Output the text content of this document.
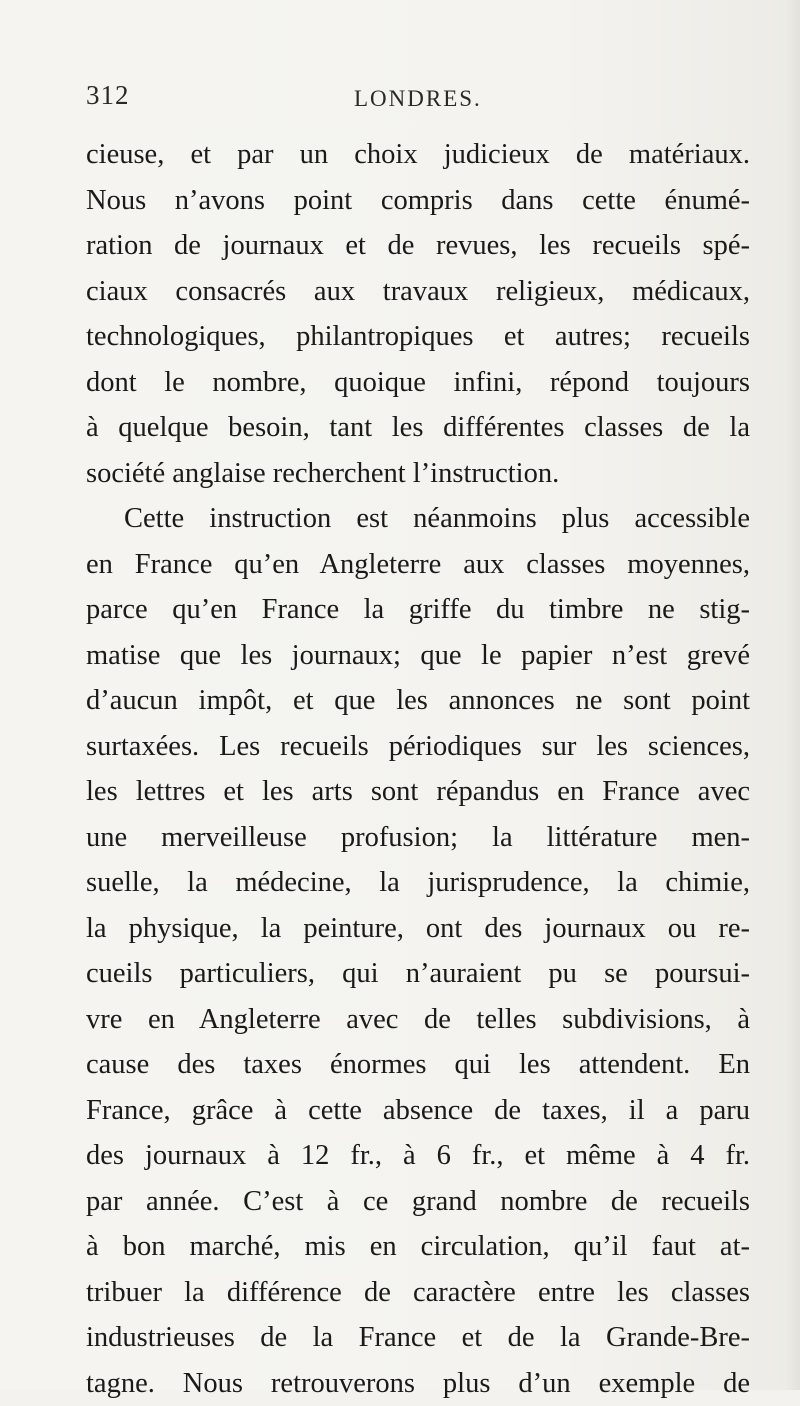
312	LONDRES.
cieuse, et par un choix judicieux de matériaux.
Nous n’avons point compris dans cette énumé-
ration de journaux et de revues, les recueils spé-
ciaux consacrés aux travaux religieux, médicaux,
technologiques, philantropiques et autres; recueils
dont le nombre, quoique infini, répond toujours
à quelque besoin, tant les différentes classes de la
société anglaise recherchent l’instruction.
Cette instruction est néanmoins plus accessible
en France qu’en Angleterre aux classes moyennes,
parce qu’en France la griffe du timbre ne stig-
matise que les journaux; que le papier n’est grevé
d’aucun impôt, et que les annonces ne sont point
surtaxées. Les recueils périodiques sur les sciences,
les lettres et les arts sont répandus en France avec
une merveilleuse profusion; la littérature men-
suelle, la médecine, la jurisprudence, la chimie,
la physique, la peinture, ont des journaux ou re-
cueils particuliers, qui n’auraient pu se poursui-
vre en Angleterre avec de telles subdivisions, à
cause des taxes énormes qui les attendent. En
France, grâce à cette absence de taxes, il a paru
des journaux à 12 fr., à 6 fr., et même à 4 fr.
par année. C’est à ce grand nombre de recueils
à bon marché, mis en circulation, qu’il faut at-
tribuer la différence de caractère entre les classes
industrieuses de la France et de la Grande-Bre-
tagne. Nous retrouverons plus d’un exemple de
